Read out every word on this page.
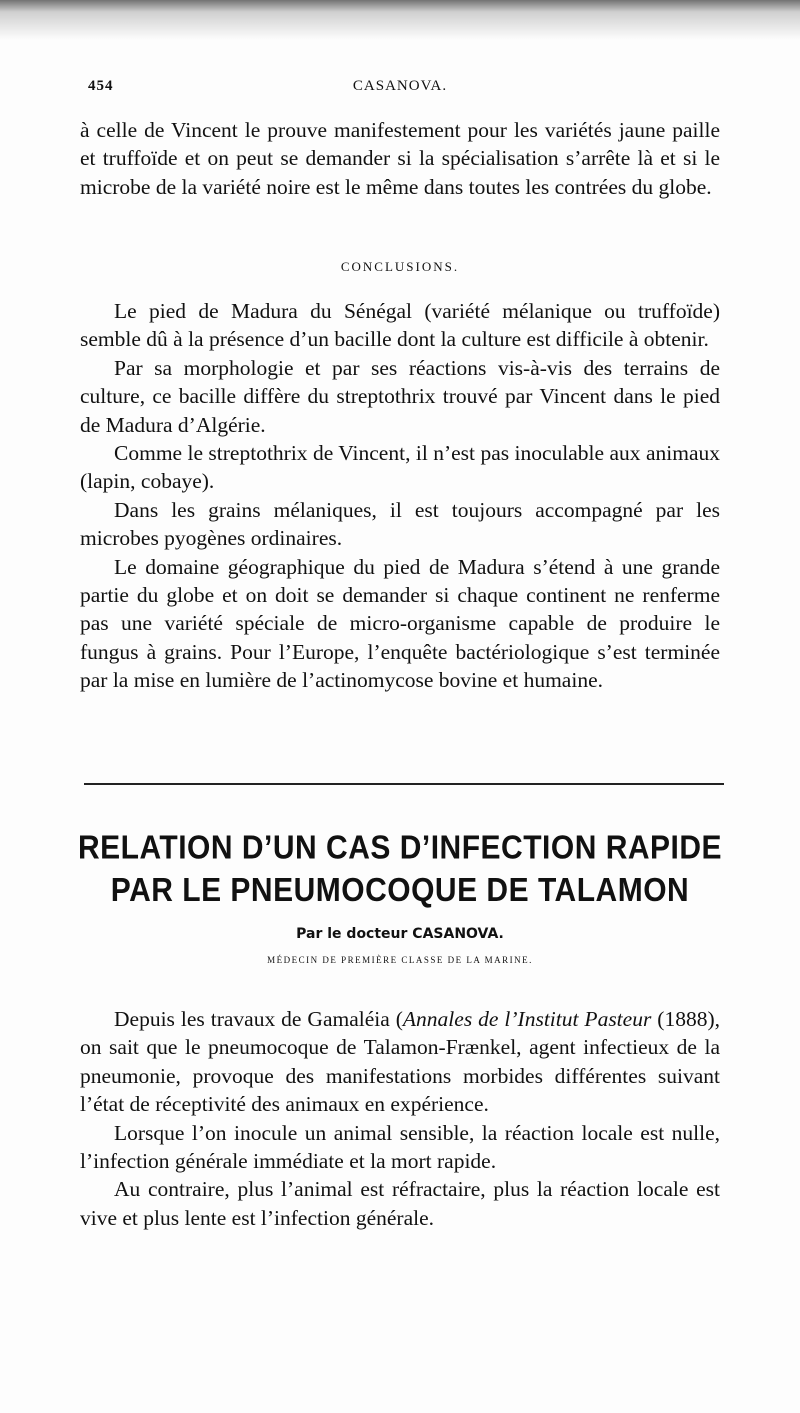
454	CASANOVA.

à celle de Vincent le prouve manifestement pour les variétés jaune paille et truffoïde et on peut se demander si la spécialisation s’arrête là et si le microbe de la variété noire est le même dans toutes les contrées du globe.

CONCLUSIONS.

Le pied de Madura du Sénégal (variété mélanique ou truffoïde) semble dû à la présence d’un bacille dont la culture est difficile à obtenir.

Par sa morphologie et par ses réactions vis-à-vis des terrains de culture, ce bacille diffère du streptothrix trouvé par Vincent dans le pied de Madura d’Algérie.

Comme le streptothrix de Vincent, il n’est pas inoculable aux animaux (lapin, cobaye).

Dans les grains mélaniques, il est toujours accompagné par les microbes pyogènes ordinaires.

Le domaine géographique du pied de Madura s’étend à une grande partie du globe et on doit se demander si chaque continent ne renferme pas une variété spéciale de micro-organisme capable de produire le fungus à grains. Pour l’Europe, l’enquête bactériologique s’est terminée par la mise en lumière de l’actinomycose bovine et humaine.

RELATION D’UN CAS D’INFECTION RAPIDE
PAR LE PNEUMOCOQUE DE TALAMON
Par le docteur CASANOVA.
MÉDECIN DE PREMIÈRE CLASSE DE LA MARINE.

Depuis les travaux de Gamaléia (Annales de l’Institut Pasteur (1888), on sait que le pneumocoque de Talamon-Frænkel, agent infectieux de la pneumonie, provoque des manifestations morbides différentes suivant l’état de réceptivité des animaux en expérience.

Lorsque l’on inocule un animal sensible, la réaction locale est nulle, l’infection générale immédiate et la mort rapide.

Au contraire, plus l’animal est réfractaire, plus la réaction locale est vive et plus lente est l’infection générale.
